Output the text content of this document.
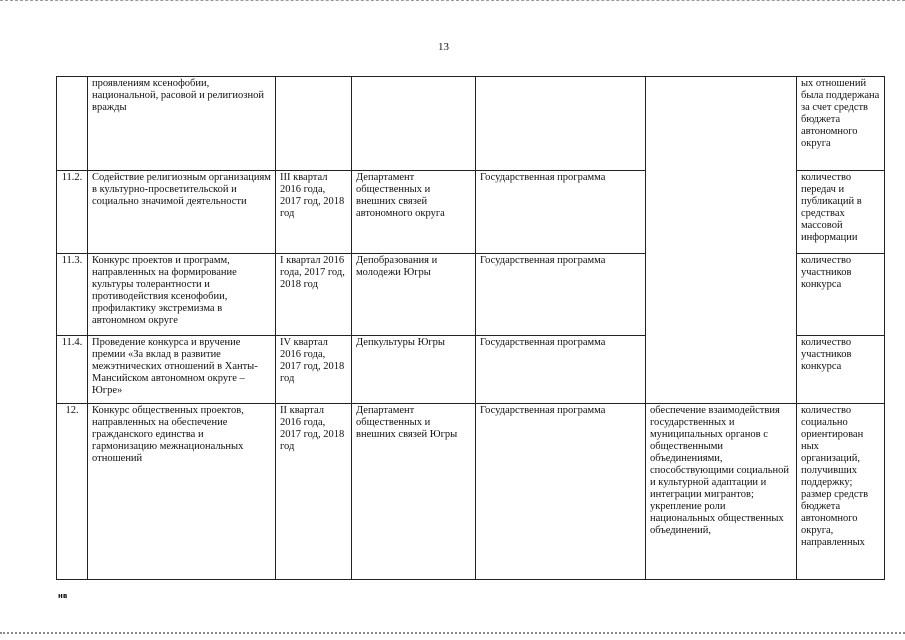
13
	проявлениям ксенофобии, национальной, расовой и религиозной вражды					ых отношений была поддержана за счет средств бюджета автономного округа
11.2.	Содействие религиозным организациям в культурно-просветительской и социально значимой деятельности	III квартал 2016 года, 2017 год, 2018 год	Департамент общественных и внешних связей автономного округа	Государственная программа		количество передач и публикаций в средствах массовой информации
11.3.	Конкурс проектов и программ, направленных на формирование культуры толерантности и противодействия ксенофобии, профилактику экстремизма в автономном округе	I квартал 2016 года, 2017 год, 2018 год	Депобразования и молодежи Югры	Государственная программа		количество участников конкурса
11.4.	Проведение конкурса и вручение премии «За вклад в развитие межэтнических отношений в Ханты-Мансийском автономном округе – Югре»	IV квартал 2016 года, 2017 год, 2018 год	Депкультуры Югры	Государственная программа		количество участников конкурса
12.	Конкурс общественных проектов, направленных на обеспечение гражданского единства и гармонизацию межнациональных отношений	II квартал 2016 года, 2017 год, 2018 год	Департамент общественных и внешних связей Югры	Государственная программа	обеспечение взаимодействия государственных и муниципальных органов с общественными объединениями, способствующими социальной и культурной адаптации и интеграции мигрантов; укрепление роли национальных общественных объединений,	количество социально ориентирован ных организаций, получивших поддержку; размер средств бюджета автономного округа, направленных
нв
